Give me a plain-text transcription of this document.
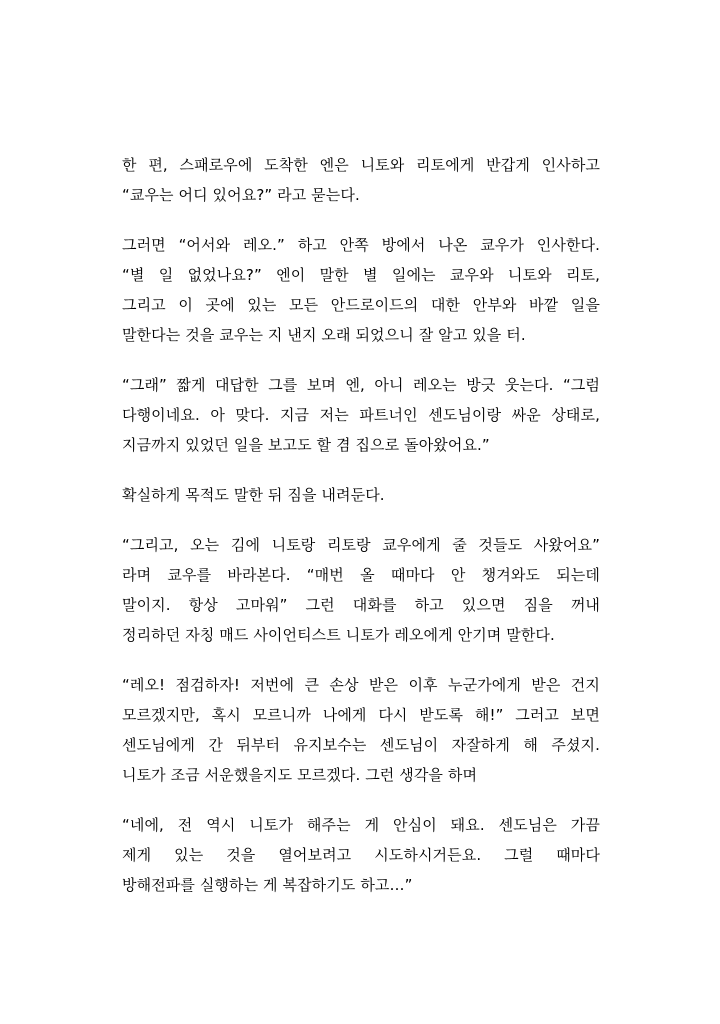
한 편, 스패로우에 도착한 엔은 니토와 리토에게 반갑게 인사하고
“쿄우는 어디 있어요?” 라고 묻는다.
그러면 “어서와 레오.” 하고 안쪽 방에서 나온 쿄우가 인사한다.
“별 일 없었나요?” 엔이 말한 별 일에는 쿄우와 니토와 리토,
그리고 이 곳에 있는 모든 안드로이드의 대한 안부와 바깥 일을
말한다는 것을 쿄우는 지 낸지 오래 되었으니 잘 알고 있을 터.
“그래” 짧게 대답한 그를 보며 엔, 아니 레오는 방긋 웃는다. “그럼
다행이네요. 아 맞다. 지금 저는 파트너인 센도님이랑 싸운 상태로,
지금까지 있었던 일을 보고도 할 겸 집으로 돌아왔어요.”
확실하게 목적도 말한 뒤 짐을 내려둔다.
“그리고, 오는 김에 니토랑 리토랑 쿄우에게 줄 것들도 사왔어요”
라며 쿄우를 바라본다. “매번 올 때마다 안 챙겨와도 되는데
말이지. 항상 고마워” 그런 대화를 하고 있으면 짐을 꺼내
정리하던 자칭 매드 사이언티스트 니토가 레오에게 안기며 말한다.
“레오! 점검하자! 저번에 큰 손상 받은 이후 누군가에게 받은 건지
모르겠지만, 혹시 모르니까 나에게 다시 받도록 해!” 그러고 보면
센도님에게 간 뒤부터 유지보수는 센도님이 자잘하게 해 주셨지.
니토가 조금 서운했을지도 모르겠다. 그런 생각을 하며
“네에, 전 역시 니토가 해주는 게 안심이 돼요. 센도님은 가끔
제게 있는 것을 열어보려고 시도하시거든요. 그럴 때마다
방해전파를 실행하는 게 복잡하기도 하고…”
